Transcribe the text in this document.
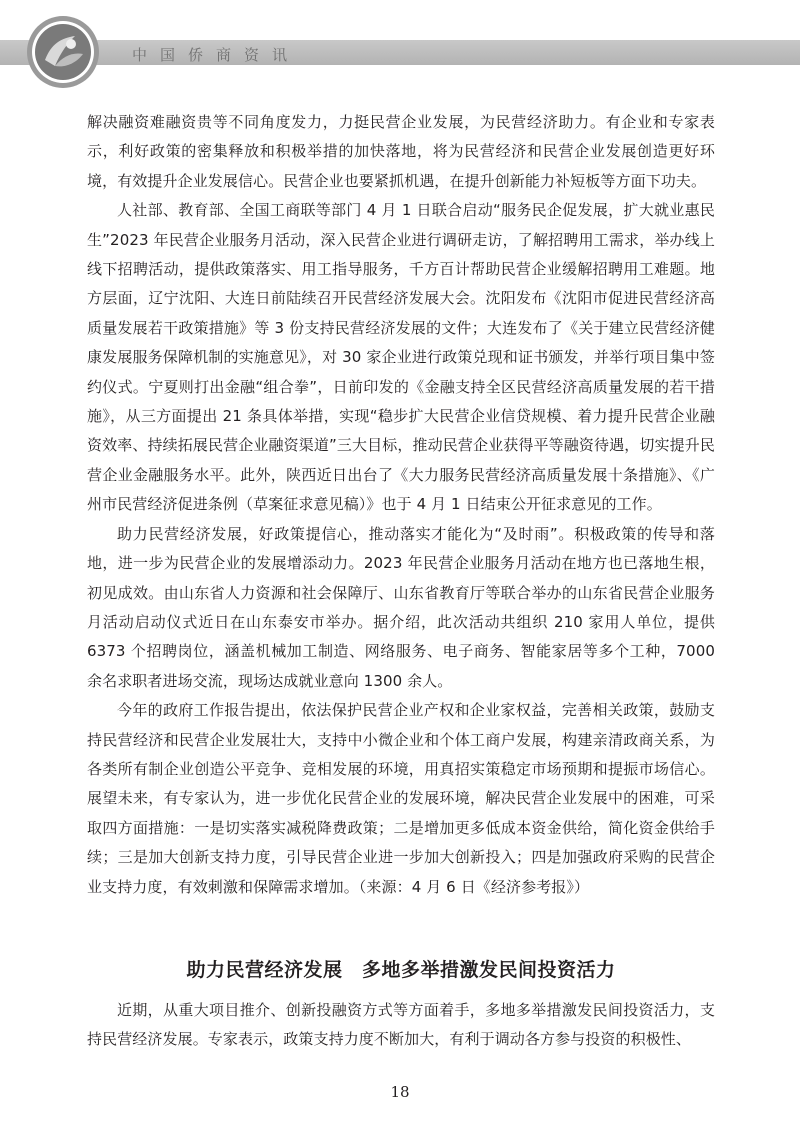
中国侨商资讯

解决融资难融资贵等不同角度发力，力挺民营企业发展，为民营经济助力。有企业和专家表示，利好政策的密集释放和积极举措的加快落地，将为民营经济和民营企业发展创造更好环境，有效提升企业发展信心。民营企业也要紧抓机遇，在提升创新能力补短板等方面下功夫。

人社部、教育部、全国工商联等部门 4 月 1 日联合启动“服务民企促发展，扩大就业惠民生”2023 年民营企业服务月活动，深入民营企业进行调研走访，了解招聘用工需求，举办线上线下招聘活动，提供政策落实、用工指导服务，千方百计帮助民营企业缓解招聘用工难题。地方层面，辽宁沈阳、大连日前陆续召开民营经济发展大会。沈阳发布《沈阳市促进民营经济高质量发展若干政策措施》等 3 份支持民营经济发展的文件；大连发布了《关于建立民营经济健康发展服务保障机制的实施意见》，对 30 家企业进行政策兑现和证书颁发，并举行项目集中签约仪式。宁夏则打出金融“组合拳”，日前印发的《金融支持全区民营经济高质量发展的若干措施》，从三方面提出 21 条具体举措，实现“稳步扩大民营企业信贷规模、着力提升民营企业融资效率、持续拓展民营企业融资渠道”三大目标，推动民营企业获得平等融资待遇，切实提升民营企业金融服务水平。此外，陕西近日出台了《大力服务民营经济高质量发展十条措施》、《广州市民营经济促进条例（草案征求意见稿）》也于 4 月 1 日结束公开征求意见的工作。

助力民营经济发展，好政策提信心，推动落实才能化为“及时雨”。积极政策的传导和落地，进一步为民营企业的发展增添动力。2023 年民营企业服务月活动在地方也已落地生根，初见成效。由山东省人力资源和社会保障厅、山东省教育厅等联合举办的山东省民营企业服务月活动启动仪式近日在山东泰安市举办。据介绍，此次活动共组织 210 家用人单位，提供 6373 个招聘岗位，涵盖机械加工制造、网络服务、电子商务、智能家居等多个工种，7000 余名求职者进场交流，现场达成就业意向 1300 余人。

今年的政府工作报告提出，依法保护民营企业产权和企业家权益，完善相关政策，鼓励支持民营经济和民营企业发展壮大，支持中小微企业和个体工商户发展，构建亲清政商关系，为各类所有制企业创造公平竞争、竞相发展的环境，用真招实策稳定市场预期和提振市场信心。展望未来，有专家认为，进一步优化民营企业的发展环境，解决民营企业发展中的困难，可采取四方面措施：一是切实落实减税降费政策；二是增加更多低成本资金供给，简化资金供给手续；三是加大创新支持力度，引导民营企业进一步加大创新投入；四是加强政府采购的民营企业支持力度，有效刺激和保障需求增加。（来源：4 月 6 日《经济参考报》）

助力民营经济发展　多地多举措激发民间投资活力

近期，从重大项目推介、创新投融资方式等方面着手，多地多举措激发民间投资活力，支持民营经济发展。专家表示，政策支持力度不断加大，有利于调动各方参与投资的积极性、

18
